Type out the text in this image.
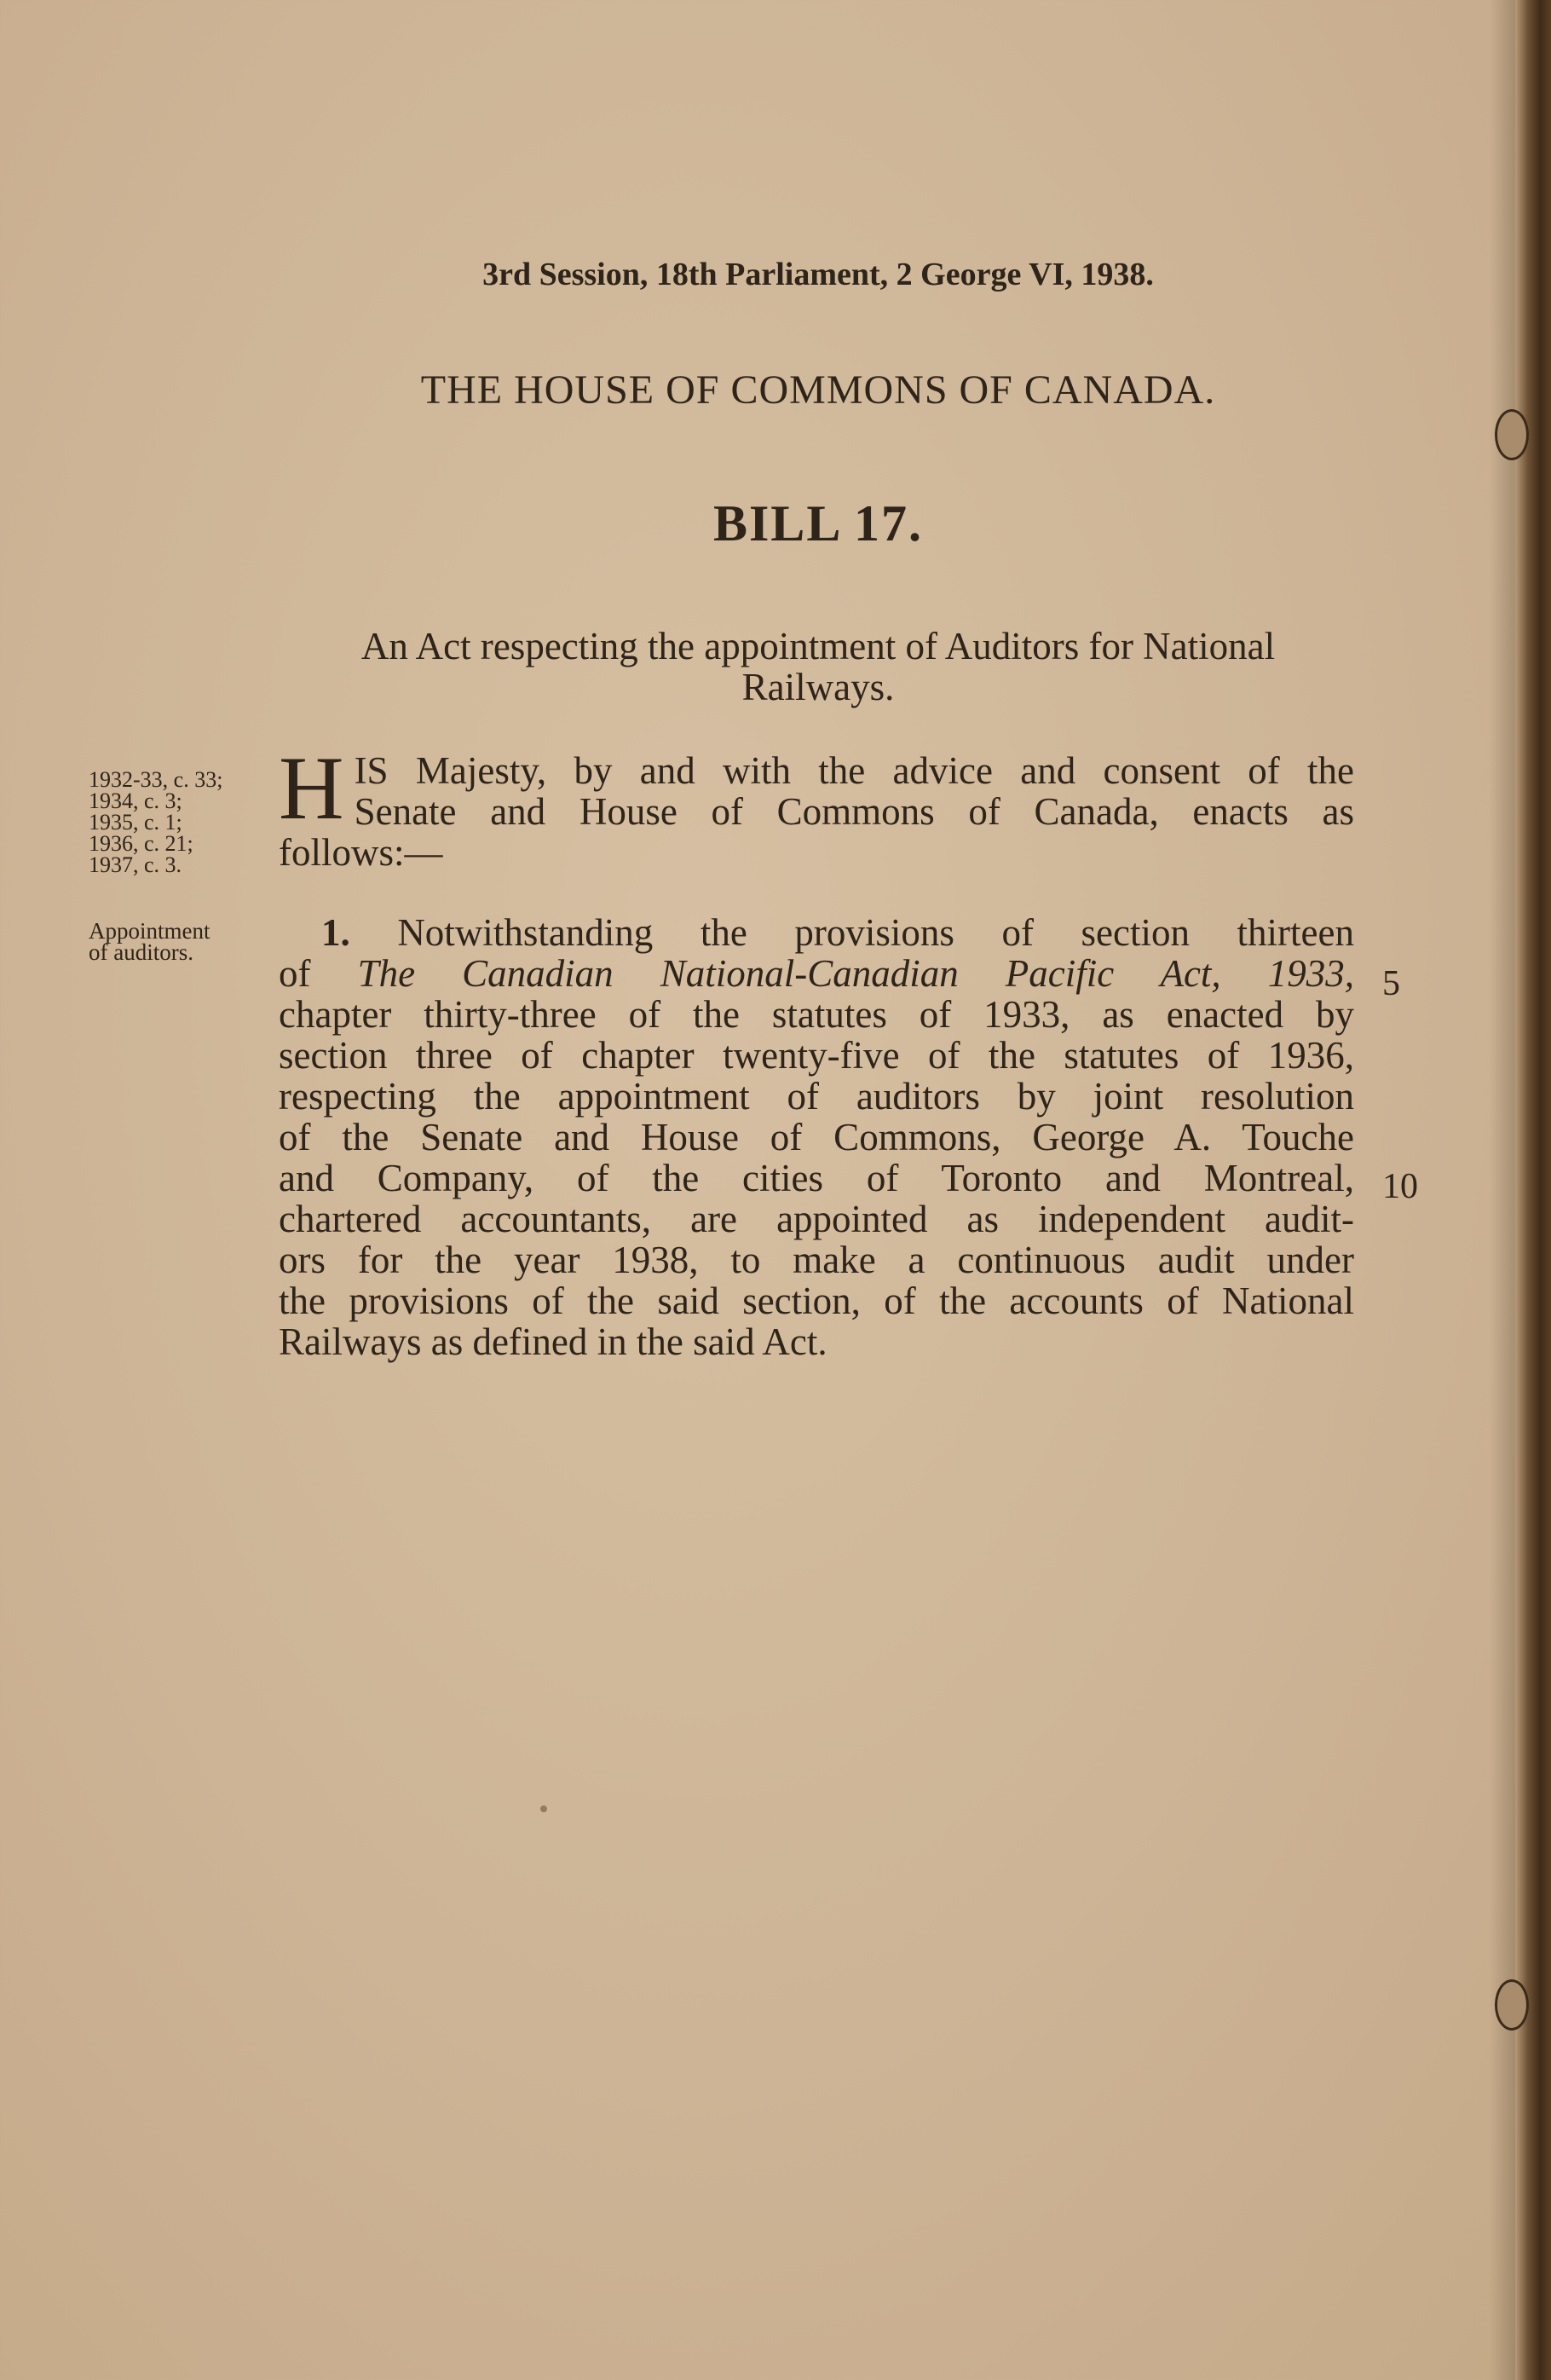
3rd Session, 18th Parliament, 2 George VI, 1938.
THE HOUSE OF COMMONS OF CANADA.
BILL 17.
An Act respecting the appointment of Auditors for National
Railways.
1932-33, c. 33;
1934, c. 3;
1935, c. 1;
1936, c. 21;
1937, c. 3.
Appointment
of auditors.
H IS Majesty, by and with the advice and consent of the
Senate and House of Commons of Canada, enacts as
follows:—
1. Notwithstanding the provisions of section thirteen
of The Canadian National-Canadian Pacific Act, 1933,
chapter thirty-three of the statutes of 1933, as enacted by
section three of chapter twenty-five of the statutes of 1936,
respecting the appointment of auditors by joint resolution
of the Senate and House of Commons, George A. Touche
and Company, of the cities of Toronto and Montreal,
chartered accountants, are appointed as independent audit-
ors for the year 1938, to make a continuous audit under
the provisions of the said section, of the accounts of National
Railways as defined in the said Act.
5
10
